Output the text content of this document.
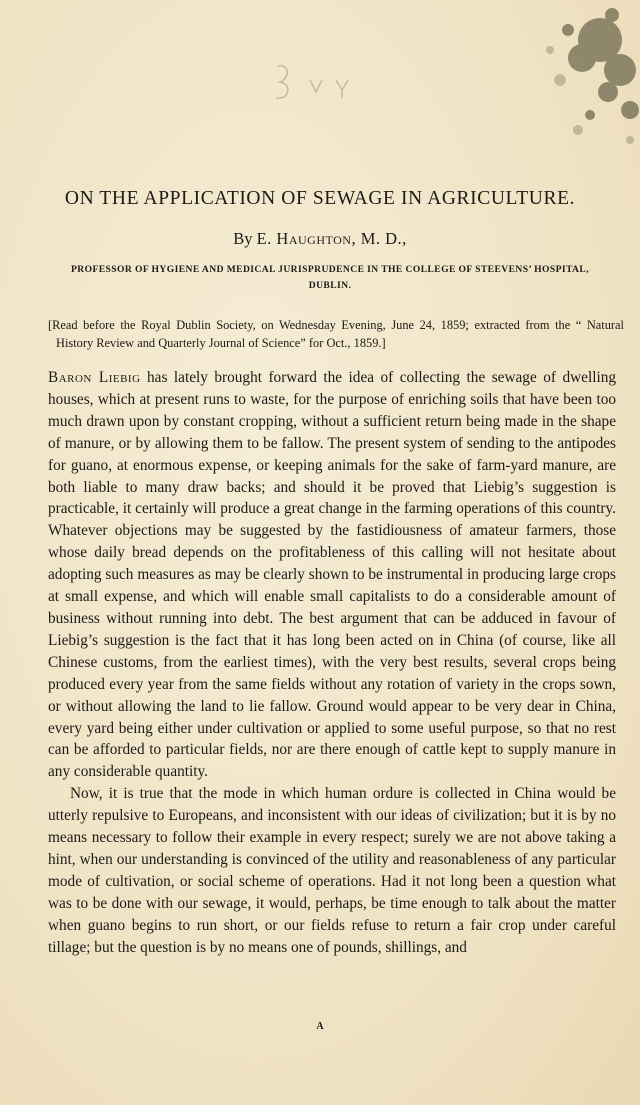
ON THE APPLICATION OF SEWAGE IN AGRICULTURE.
By E. Haughton, M. D.,
PROFESSOR OF HYGIENE AND MEDICAL JURISPRUDENCE IN THE COLLEGE OF STEEVENS’ HOSPITAL, DUBLIN.
[Read before the Royal Dublin Society, on Wednesday Evening, June 24, 1859; extracted from the “ Natural History Review and Quarterly Journal of Science” for Oct., 1859.]

Baron Liebig has lately brought forward the idea of collecting the sewage of dwelling houses, which at present runs to waste, for the purpose of enriching soils that have been too much drawn upon by constant cropping, without a sufficient return being made in the shape of manure, or by allowing them to be fallow. The present system of sending to the antipodes for guano, at enormous expense, or keeping animals for the sake of farm-yard manure, are both liable to many draw backs; and should it be proved that Liebig’s suggestion is practicable, it certainly will produce a great change in the farming operations of this country. Whatever objections may be suggested by the fastidiousness of amateur farmers, those whose daily bread depends on the profitableness of this calling will not hesitate about adopting such measures as may be clearly shown to be instrumental in producing large crops at small expense, and which will enable small capitalists to do a considerable amount of business without running into debt. The best argument that can be adduced in favour of Liebig’s suggestion is the fact that it has long been acted on in China (of course, like all Chinese customs, from the earliest times), with the very best results, several crops being produced every year from the same fields without any rotation of variety in the crops sown, or without allowing the land to lie fallow. Ground would appear to be very dear in China, every yard being either under cultivation or applied to some useful purpose, so that no rest can be afforded to particular fields, nor are there enough of cattle kept to supply manure in any considerable quantity.

Now, it is true that the mode in which human ordure is collected in China would be utterly repulsive to Europeans, and inconsistent with our ideas of civilization; but it is by no means necessary to follow their example in every respect; surely we are not above taking a hint, when our understanding is convinced of the utility and reasonableness of any particular mode of cultivation, or social scheme of operations. Had it not long been a question what was to be done with our sewage, it would, perhaps, be time enough to talk about the matter when guano begins to run short, or our fields refuse to return a fair crop under careful tillage; but the question is by no means one of pounds, shillings, and

A
